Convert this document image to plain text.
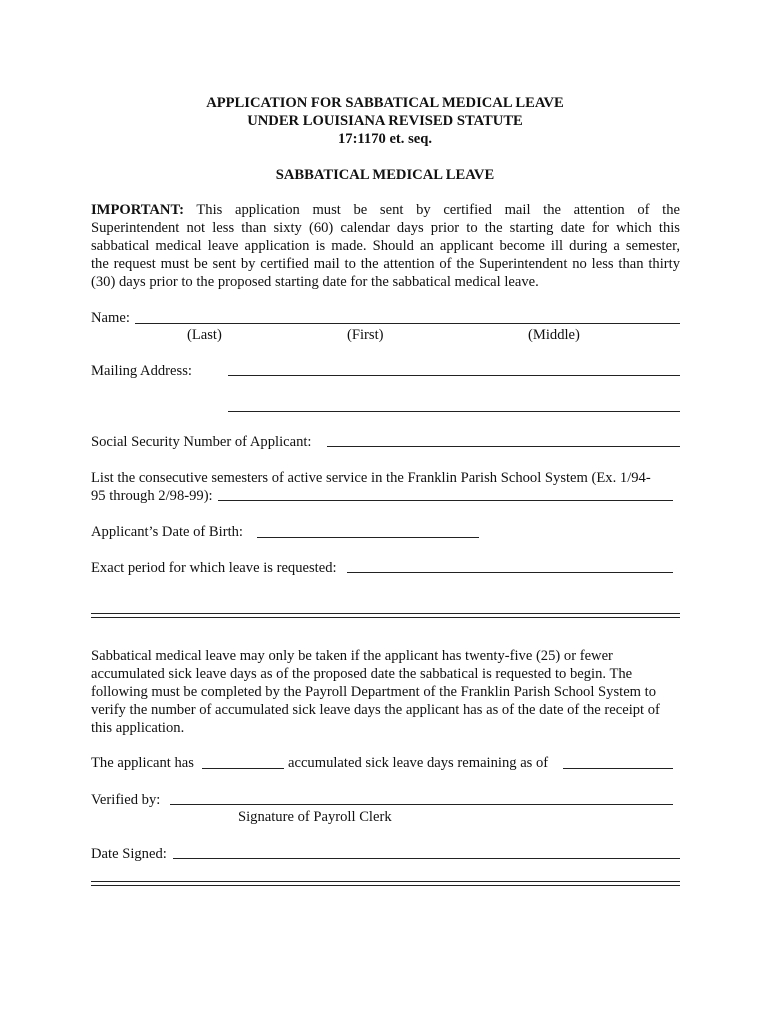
APPLICATION FOR SABBATICAL MEDICAL LEAVE
UNDER LOUISIANA REVISED STATUTE
17:1170 et. seq.
SABBATICAL MEDICAL LEAVE
IMPORTANT: This application must be sent by certified mail the attention of the
Superintendent not less than sixty (60) calendar days prior to the starting date for which this
sabbatical medical leave application is made. Should an applicant become ill during a semester,
the request must be sent by certified mail to the attention of the Superintendent no less than thirty
(30) days prior to the proposed starting date for the sabbatical medical leave.
Name:
(Last)	(First)	(Middle)
Mailing Address:
Social Security Number of Applicant:
List the consecutive semesters of active service in the Franklin Parish School System (Ex. 1/94-
95 through 2/98-99):
Applicant’s Date of Birth:
Exact period for which leave is requested:
Sabbatical medical leave may only be taken if the applicant has twenty-five (25) or fewer
accumulated sick leave days as of the proposed date the sabbatical is requested to begin. The
following must be completed by the Payroll Department of the Franklin Parish School System to
verify the number of accumulated sick leave days the applicant has as of the date of the receipt of
this application.
The applicant has	accumulated sick leave days remaining as of
Verified by:
Signature of Payroll Clerk
Date Signed:
